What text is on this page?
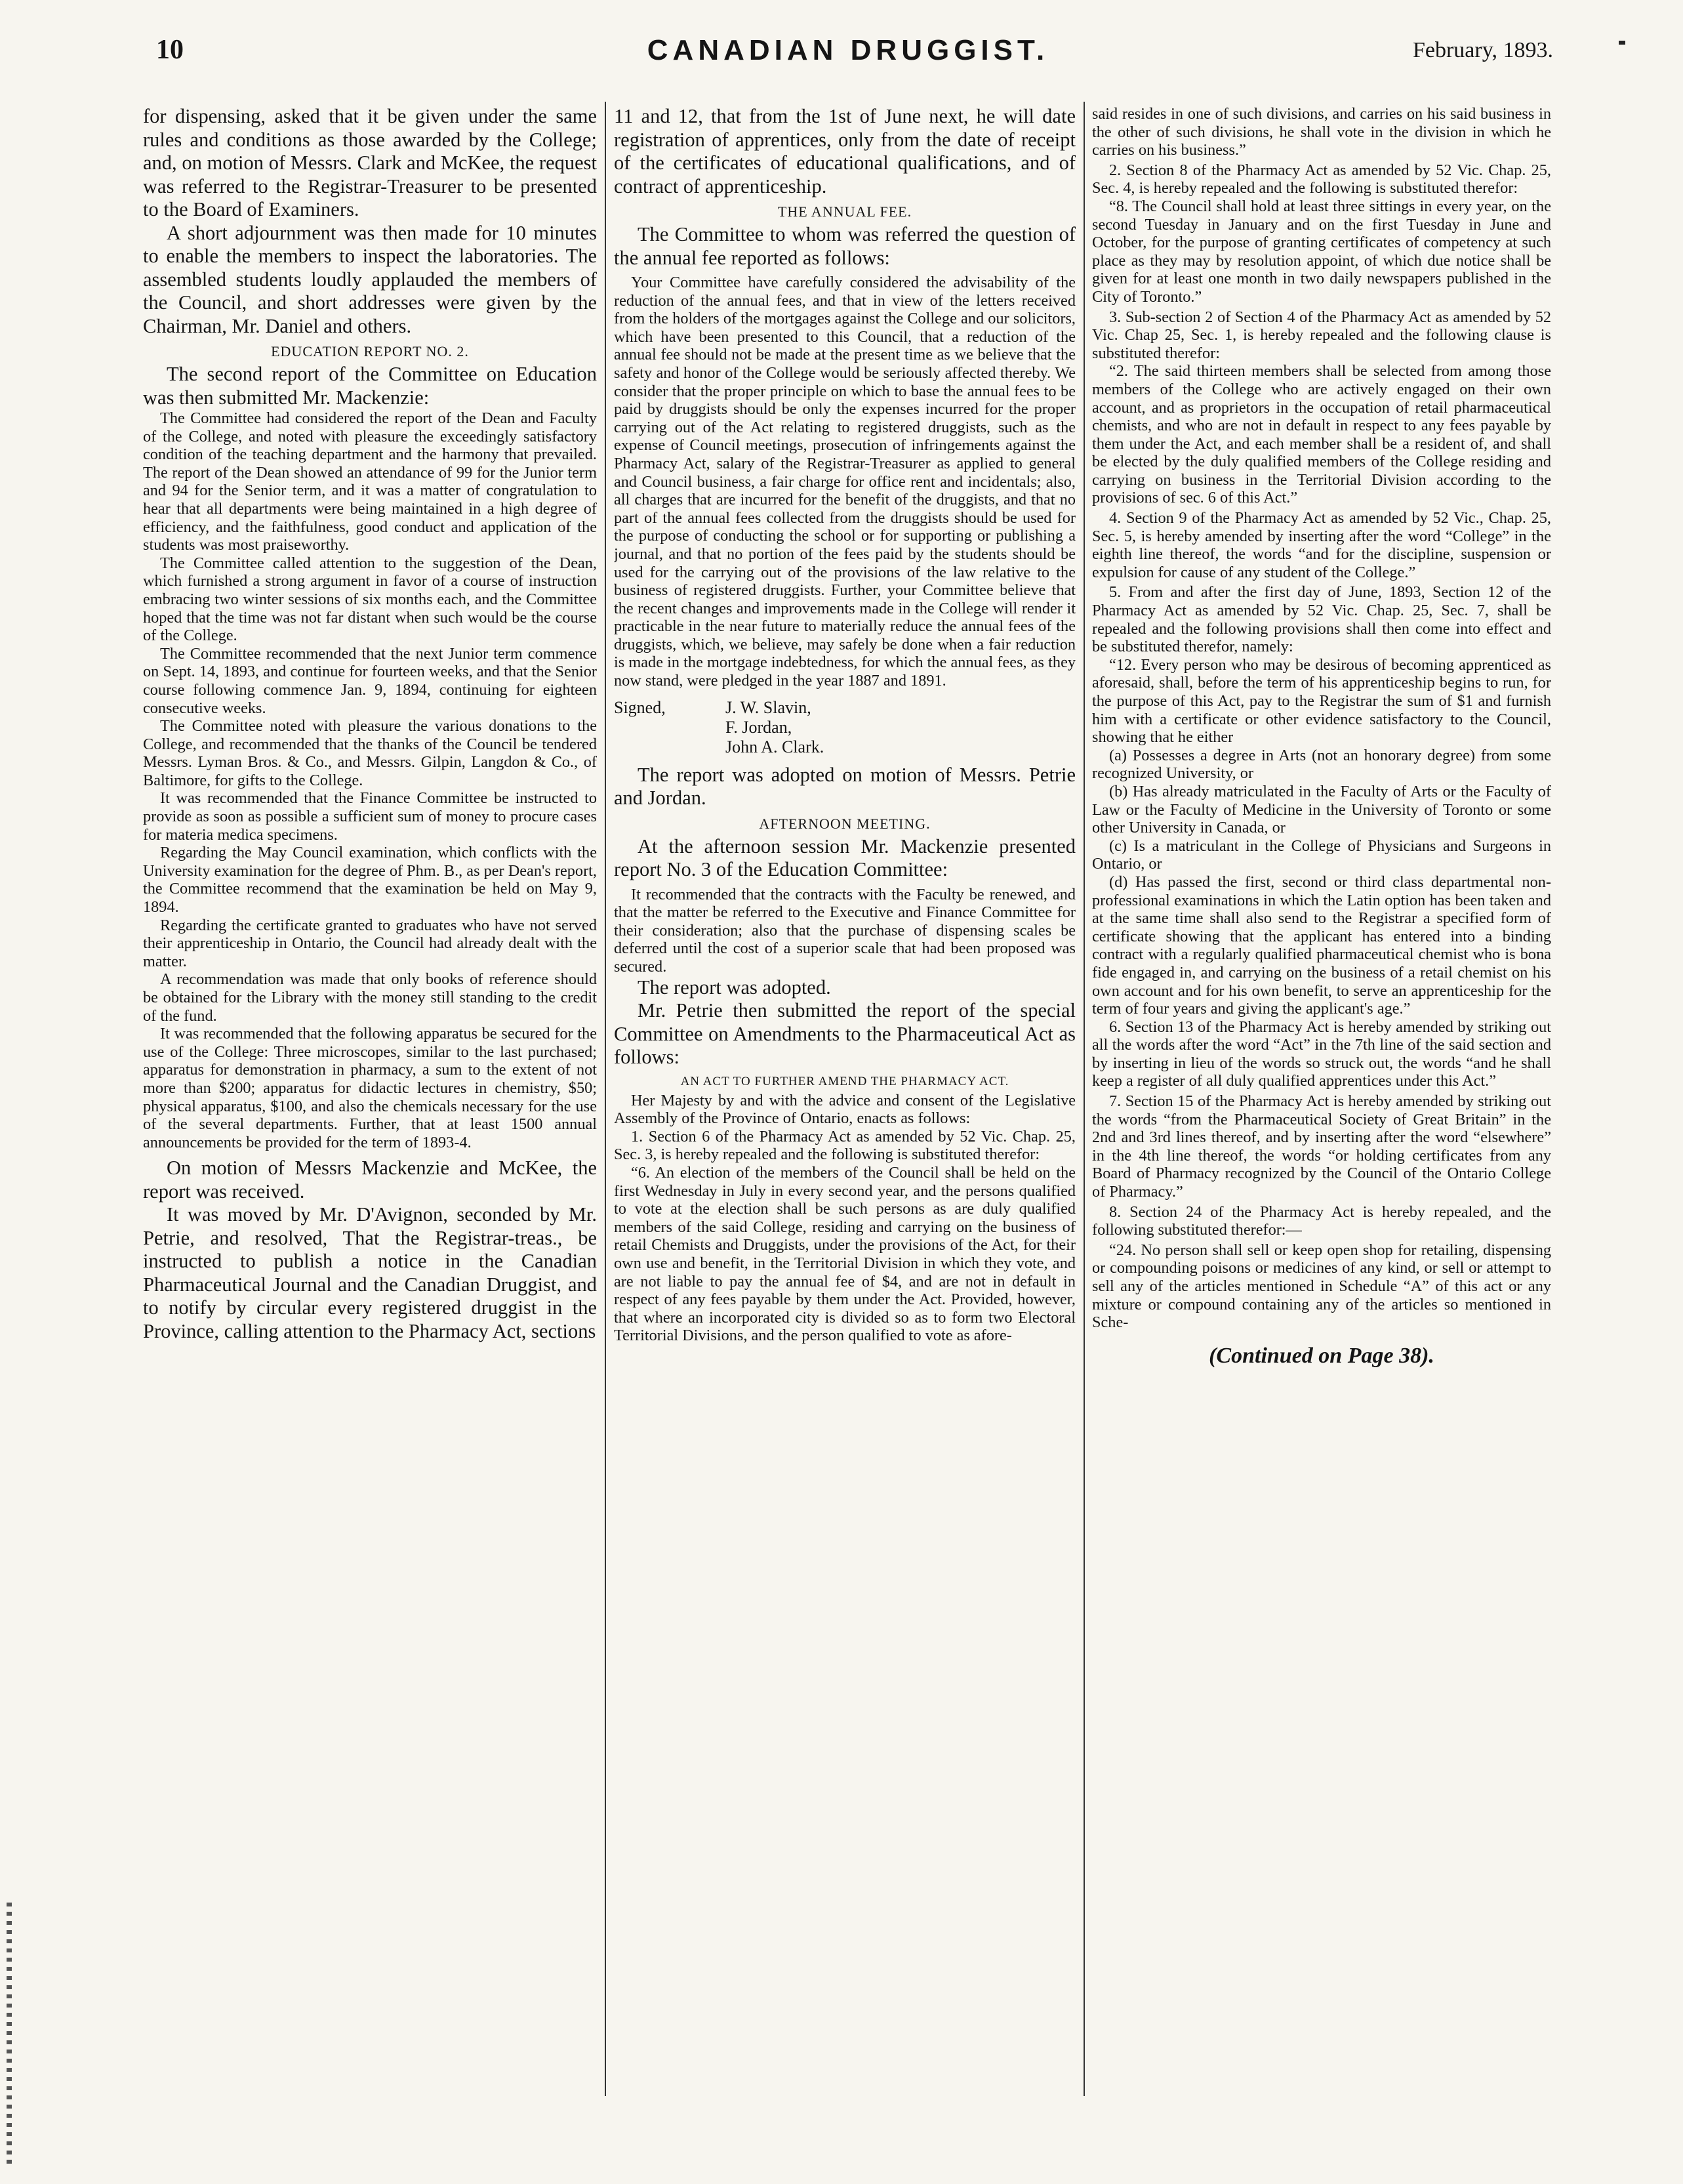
10	CANADIAN DRUGGIST.	February, 1893.

for dispensing, asked that it be given under the same rules and conditions as those awarded by the College; and, on motion of Messrs. Clark and McKee, the request was referred to the Registrar-Treasurer to be presented to the Board of Examiners.

A short adjournment was then made for 10 minutes to enable the members to inspect the laboratories. The assembled students loudly applauded the members of the Council, and short addresses were given by the Chairman, Mr. Daniel and others.

EDUCATION REPORT NO. 2.

The second report of the Committee on Education was then submitted Mr. Mackenzie:

The Committee had considered the report of the Dean and Faculty of the College, and noted with pleasure the exceedingly satisfactory condition of the teaching department and the harmony that prevailed. The report of the Dean showed an attendance of 99 for the Junior term and 94 for the Senior term, and it was a matter of congratulation to hear that all departments were being maintained in a high degree of efficiency, and the faithfulness, good conduct and application of the students was most praiseworthy.

The Committee called attention to the suggestion of the Dean, which furnished a strong argument in favor of a course of instruction embracing two winter sessions of six months each, and the Committee hoped that the time was not far distant when such would be the course of the College.

The Committee recommended that the next Junior term commence on Sept. 14, 1893, and continue for fourteen weeks, and that the Senior course following commence Jan. 9, 1894, continuing for eighteen consecutive weeks.

The Committee noted with pleasure the various donations to the College, and recommended that the thanks of the Council be tendered Messrs. Lyman Bros. & Co., and Messrs. Gilpin, Langdon & Co., of Baltimore, for gifts to the College.

It was recommended that the Finance Committee be instructed to provide as soon as possible a sufficient sum of money to procure cases for materia medica specimens.

Regarding the May Council examination, which conflicts with the University examination for the degree of Phm. B., as per Dean's report, the Committee recommend that the examination be held on May 9, 1894.

Regarding the certificate granted to graduates who have not served their apprenticeship in Ontario, the Council had already dealt with the matter.

A recommendation was made that only books of reference should be obtained for the Library with the money still standing to the credit of the fund.

It was recommended that the following apparatus be secured for the use of the College: Three microscopes, similar to the last purchased; apparatus for demonstration in pharmacy, a sum to the extent of not more than $200; apparatus for didactic lectures in chemistry, $50; physical apparatus, $100, and also the chemicals necessary for the use of the several departments. Further, that at least 1500 annual announcements be provided for the term of 1893-4.

On motion of Messrs Mackenzie and McKee, the report was received.

It was moved by Mr. D'Avignon, seconded by Mr. Petrie, and resolved, That the Registrar-treas., be instructed to publish a notice in the Canadian Pharmaceutical Journal and the Canadian Druggist, and to notify by circular every registered druggist in the Province, calling attention to the Pharmacy Act, sections

11 and 12, that from the 1st of June next, he will date registration of apprentices, only from the date of receipt of the certificates of educational qualifications, and of contract of apprenticeship.

THE ANNUAL FEE.

The Committee to whom was referred the question of the annual fee reported as follows:

Your Committee have carefully considered the advisability of the reduction of the annual fees, and that in view of the letters received from the holders of the mortgages against the College and our solicitors, which have been presented to this Council, that a reduction of the annual fee should not be made at the present time as we believe that the safety and honor of the College would be seriously affected thereby. We consider that the proper principle on which to base the annual fees to be paid by druggists should be only the expenses incurred for the proper carrying out of the Act relating to registered druggists, such as the expense of Council meetings, prosecution of infringements against the Pharmacy Act, salary of the Registrar-Treasurer as applied to general and Council business, a fair charge for office rent and incidentals; also, all charges that are incurred for the benefit of the druggists, and that no part of the annual fees collected from the druggists should be used for the purpose of conducting the school or for supporting or publishing a journal, and that no portion of the fees paid by the students should be used for the carrying out of the provisions of the law relative to the business of registered druggists. Further, your Committee believe that the recent changes and improvements made in the College will render it practicable in the near future to materially reduce the annual fees of the druggists, which, we believe, may safely be done when a fair reduction is made in the mortgage indebtedness, for which the annual fees, as they now stand, were pledged in the year 1887 and 1891.

Signed,	J. W. Slavin,
F. Jordan,
John A. Clark.

The report was adopted on motion of Messrs. Petrie and Jordan.

AFTERNOON MEETING.

At the afternoon session Mr. Mackenzie presented report No. 3 of the Education Committee:

It recommended that the contracts with the Faculty be renewed, and that the matter be referred to the Executive and Finance Committee for their consideration; also that the purchase of dispensing scales be deferred until the cost of a superior scale that had been proposed was secured.

The report was adopted.

Mr. Petrie then submitted the report of the special Committee on Amendments to the Pharmaceutical Act as follows:

AN ACT TO FURTHER AMEND THE PHARMACY ACT.

Her Majesty by and with the advice and consent of the Legislative Assembly of the Province of Ontario, enacts as follows:

1. Section 6 of the Pharmacy Act as amended by 52 Vic. Chap. 25, Sec. 3, is hereby repealed and the following is substituted therefor:

“6. An election of the members of the Council shall be held on the first Wednesday in July in every second year, and the persons qualified to vote at the election shall be such persons as are duly qualified members of the said College, residing and carrying on the business of retail Chemists and Druggists, under the provisions of the Act, for their own use and benefit, in the Territorial Division in which they vote, and are not liable to pay the annual fee of $4, and are not in default in respect of any fees payable by them under the Act. Provided, however, that where an incorporated city is divided so as to form two Electoral Territorial Divisions, and the person qualified to vote as afore-

said resides in one of such divisions, and carries on his said business in the other of such divisions, he shall vote in the division in which he carries on his business.”

2. Section 8 of the Pharmacy Act as amended by 52 Vic. Chap. 25, Sec. 4, is hereby repealed and the following is substituted therefor:

“8. The Council shall hold at least three sittings in every year, on the second Tuesday in January and on the first Tuesday in June and October, for the purpose of granting certificates of competency at such place as they may by resolution appoint, of which due notice shall be given for at least one month in two daily newspapers published in the City of Toronto.”

3. Sub-section 2 of Section 4 of the Pharmacy Act as amended by 52 Vic. Chap 25, Sec. 1, is hereby repealed and the following clause is substituted therefor:

“2. The said thirteen members shall be selected from among those members of the College who are actively engaged on their own account, and as proprietors in the occupation of retail pharmaceutical chemists, and who are not in default in respect to any fees payable by them under the Act, and each member shall be a resident of, and shall be elected by the duly qualified members of the College residing and carrying on business in the Territorial Division according to the provisions of sec. 6 of this Act.”

4. Section 9 of the Pharmacy Act as amended by 52 Vic., Chap. 25, Sec. 5, is hereby amended by inserting after the word “College” in the eighth line thereof, the words “and for the discipline, suspension or expulsion for cause of any student of the College.”

5. From and after the first day of June, 1893, Section 12 of the Pharmacy Act as amended by 52 Vic. Chap. 25, Sec. 7, shall be repealed and the following provisions shall then come into effect and be substituted therefor, namely:

“12. Every person who may be desirous of becoming apprenticed as aforesaid, shall, before the term of his apprenticeship begins to run, for the purpose of this Act, pay to the Registrar the sum of $1 and furnish him with a certificate or other evidence satisfactory to the Council, showing that he either

(a) Possesses a degree in Arts (not an honorary degree) from some recognized University, or

(b) Has already matriculated in the Faculty of Arts or the Faculty of Law or the Faculty of Medicine in the University of Toronto or some other University in Canada, or

(c) Is a matriculant in the College of Physicians and Surgeons in Ontario, or

(d) Has passed the first, second or third class departmental non-professional examinations in which the Latin option has been taken and at the same time shall also send to the Registrar a specified form of certificate showing that the applicant has entered into a binding contract with a regularly qualified pharmaceutical chemist who is bona fide engaged in, and carrying on the business of a retail chemist on his own account and for his own benefit, to serve an apprenticeship for the term of four years and giving the applicant's age.”

6. Section 13 of the Pharmacy Act is hereby amended by striking out all the words after the word “Act” in the 7th line of the said section and by inserting in lieu of the words so struck out, the words “and he shall keep a register of all duly qualified apprentices under this Act.”

7. Section 15 of the Pharmacy Act is hereby amended by striking out the words “from the Pharmaceutical Society of Great Britain” in the 2nd and 3rd lines thereof, and by inserting after the word “elsewhere” in the 4th line thereof, the words “or holding certificates from any Board of Pharmacy recognized by the Council of the Ontario College of Pharmacy.”

8. Section 24 of the Pharmacy Act is hereby repealed, and the following substituted therefor:—

“24. No person shall sell or keep open shop for retailing, dispensing or compounding poisons or medicines of any kind, or sell or attempt to sell any of the articles mentioned in Schedule “A” of this act or any mixture or compound containing any of the articles so mentioned in Sche-

(Continued on Page 38).
